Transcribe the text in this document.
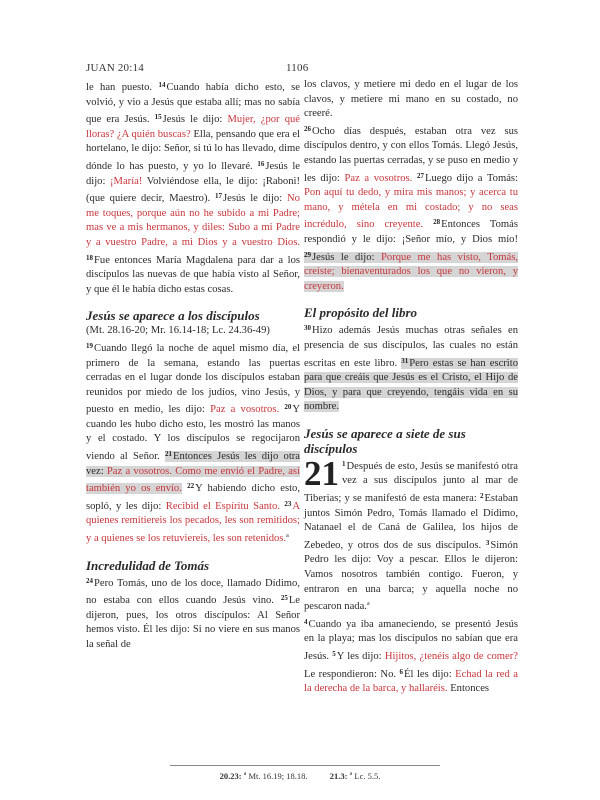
JUAN 20:14	1106

le han puesto. $^{14}$Cuando había dicho esto, se volvió, y vio a Jesús que estaba allí; mas no sabía que era Jesús. $^{15}$Jesús le dijo: Mujer, ¿por qué lloras? ¿A quién buscas? Ella, pensando que era el hortelano, le dijo: Señor, si tú lo has llevado, dime dónde lo has puesto, y yo lo llevaré. $^{16}$Jesús le dijo: ¡María! Volviéndose ella, le dijo: ¡Raboni! (que quiere decir, Maestro). $^{17}$Jesús le dijo: No me toques, porque aún no he subido a mi Padre; mas ve a mis hermanos, y diles: Subo a mi Padre y a vuestro Padre, a mi Dios y a vuestro Dios. $^{18}$Fue entonces María Magdalena para dar a los discípulos las nuevas de que había visto al Señor, y que él le había dicho estas cosas.

Jesús se aparece a los discípulos

(Mt. 28.16-20; Mr. 16.14-18; Lc. 24.36-49)

$^{19}$Cuando llegó la noche de aquel mismo día, el primero de la semana, estando las puertas cerradas en el lugar donde los discípulos estaban reunidos por miedo de los judíos, vino Jesús, y puesto en medio, les dijo: Paz a vosotros. $^{20}$Y cuando les hubo dicho esto, les mostró las manos y el costado. Y los discípulos se regocijaron viendo al Señor. $^{21}$Entonces Jesús les dijo otra vez: Paz a vosotros. Como me envió el Padre, así también yo os envío. $^{22}$Y habiendo dicho esto, sopló, y les dijo: Recibid el Espíritu Santo. $^{23}$A quienes remitiereis los pecados, les son remitidos; y a quienes se los retuviereis, les son retenidos.$^a$

Incredulidad de Tomás

$^{24}$Pero Tomás, uno de los doce, llamado Dídimo, no estaba con ellos cuando Jesús vino. $^{25}$Le dijeron, pues, los otros discípulos: Al Señor hemos visto. Él les dijo: Si no viere en sus manos la señal de

los clavos, y metiere mi dedo en el lugar de los clavos, y metiere mi mano en su costado, no creeré.

$^{26}$Ocho días después, estaban otra vez sus discípulos dentro, y con ellos Tomás. Llegó Jesús, estando las puertas cerradas, y se puso en medio y les dijo: Paz a vosotros. $^{27}$Luego dijo a Tomás: Pon aquí tu dedo, y mira mis manos; y acerca tu mano, y métela en mi costado; y no seas incrédulo, sino creyente. $^{28}$Entonces Tomás respondió y le dijo: ¡Señor mío, y Dios mío! $^{29}$Jesús le dijo: Porque me has visto, Tomás, creíste; bienaventurados los que no vieron, y creyeron.

El propósito del libro

$^{30}$Hizo además Jesús muchas otras señales en presencia de sus discípulos, las cuales no están escritas en este libro. $^{31}$Pero estas se han escrito para que creáis que Jesús es el Cristo, el Hijo de Dios, y para que creyendo, tengáis vida en su nombre.

Jesús se aparece a siete de sus
discípulos

21 $^1$Después de esto, Jesús se manifestó otra vez a sus discípulos junto al mar de Tiberias; y se manifestó de esta manera: $^2$Estaban juntos Simón Pedro, Tomás llamado el Dídimo, Natanael el de Caná de Galilea, los hijos de Zebedeo, y otros dos de sus discípulos. $^3$Simón Pedro les dijo: Voy a pescar. Ellos le dijeron: Vamos nosotros también contigo. Fueron, y entraron en una barca; y aquella noche no pescaron nada.$^a$

$^4$Cuando ya iba amaneciendo, se presentó Jesús en la playa; mas los discípulos no sabían que era Jesús. $^5$Y les dijo: Hijitos, ¿tenéis algo de comer? Le respondieron: No. $^6$Él les dijo: Echad la red a la derecha de la barca, y hallaréis. Entonces

20.23: $^a$ Mt. 16.19; 18.18.	21.3: $^a$ Lc. 5.5.
